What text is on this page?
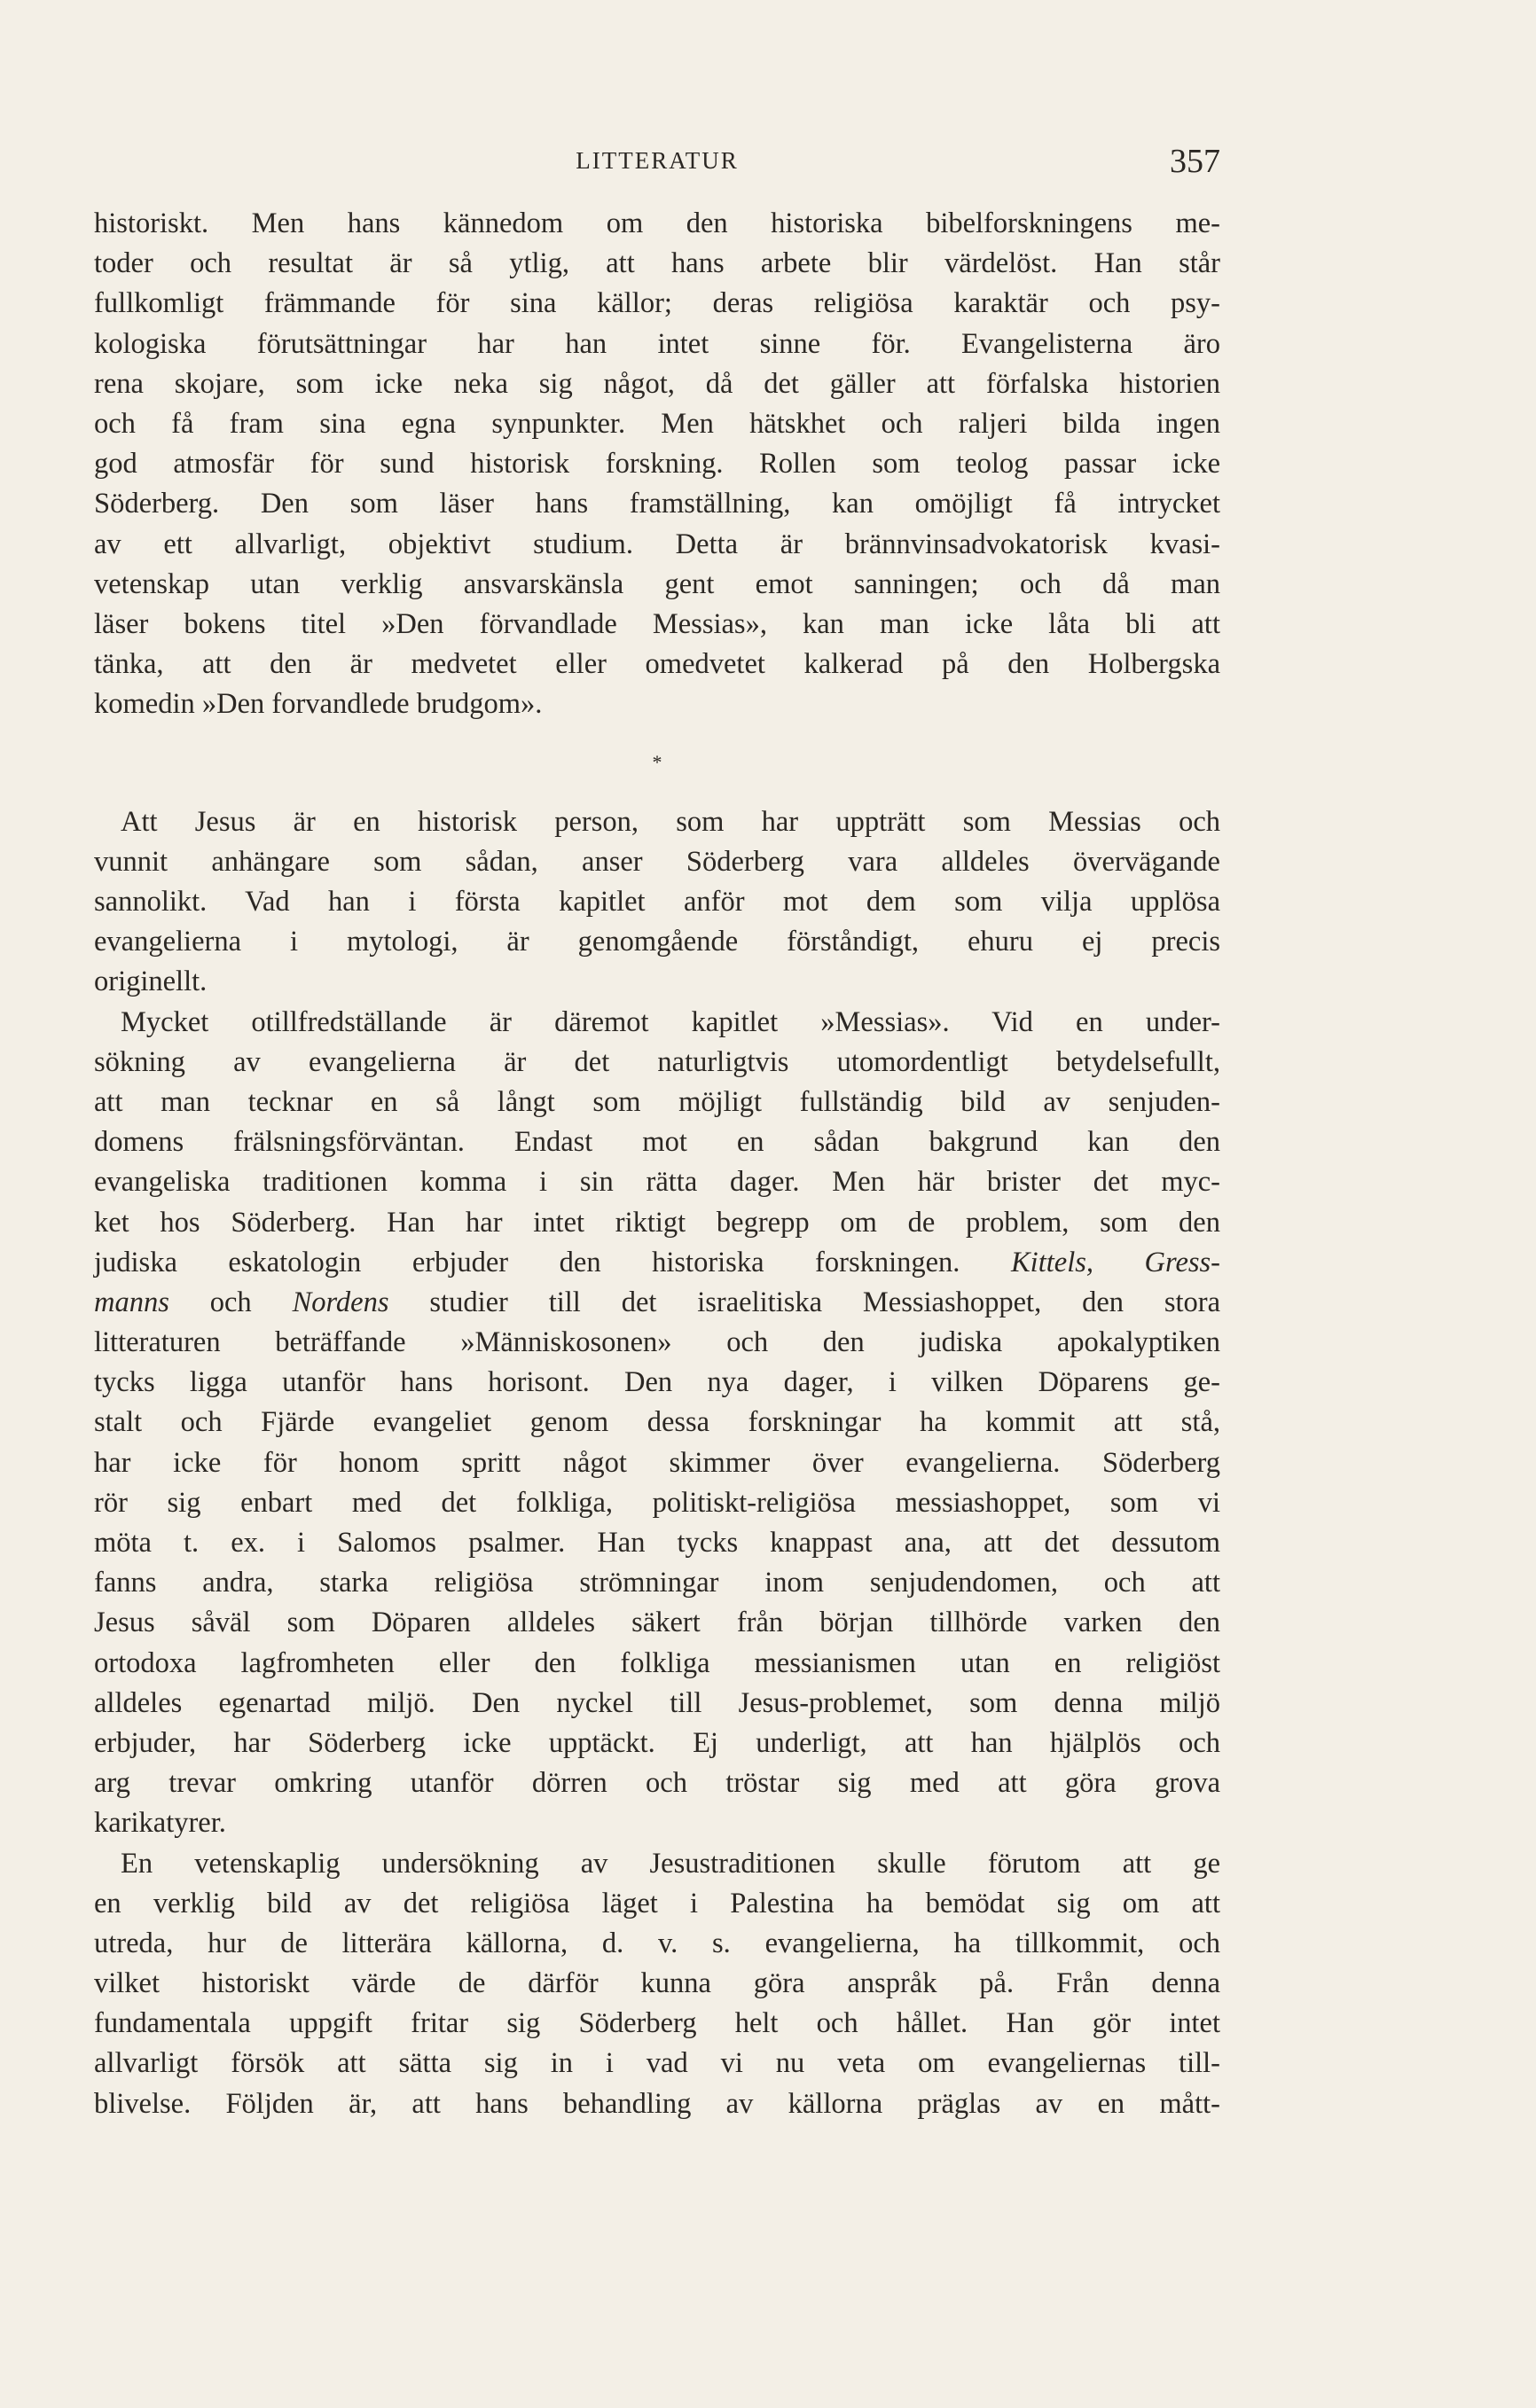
LITTERATUR	357
historiskt. Men hans kännedom om den historiska bibelforskningens me-
toder och resultat är så ytlig, att hans arbete blir värdelöst. Han står
fullkomligt främmande för sina källor; deras religiösa karaktär och psy-
kologiska förutsättningar har han intet sinne för. Evangelisterna äro
rena skojare, som icke neka sig något, då det gäller att förfalska historien
och få fram sina egna synpunkter. Men hätskhet och raljeri bilda ingen
god atmosfär för sund historisk forskning. Rollen som teolog passar icke
Söderberg. Den som läser hans framställning, kan omöjligt få intrycket
av ett allvarligt, objektivt studium. Detta är brännvinsadvokatorisk kvasi-
vetenskap utan verklig ansvarskänsla gent emot sanningen; och då man
läser bokens titel »Den förvandlade Messias», kan man icke låta bli att
tänka, att den är medvetet eller omedvetet kalkerad på den Holbergska
komedin »Den forvandlede brudgom».
*
Att Jesus är en historisk person, som har uppträtt som Messias och
vunnit anhängare som sådan, anser Söderberg vara alldeles övervägande
sannolikt. Vad han i första kapitlet anför mot dem som vilja upplösa
evangelierna i mytologi, är genomgående förståndigt, ehuru ej precis
originellt.
Mycket otillfredställande är däremot kapitlet »Messias». Vid en under-
sökning av evangelierna är det naturligtvis utomordentligt betydelsefullt,
att man tecknar en så långt som möjligt fullständig bild av senjuden-
domens frälsningsförväntan. Endast mot en sådan bakgrund kan den
evangeliska traditionen komma i sin rätta dager. Men här brister det myc-
ket hos Söderberg. Han har intet riktigt begrepp om de problem, som den
judiska eskatologin erbjuder den historiska forskningen. Kittels, Gress-
manns och Nordens studier till det israelitiska Messiashoppet, den stora
litteraturen beträffande »Människosonen» och den judiska apokalyptiken
tycks ligga utanför hans horisont. Den nya dager, i vilken Döparens ge-
stalt och Fjärde evangeliet genom dessa forskningar ha kommit att stå,
har icke för honom spritt något skimmer över evangelierna. Söderberg
rör sig enbart med det folkliga, politiskt-religiösa messiashoppet, som vi
möta t. ex. i Salomos psalmer. Han tycks knappast ana, att det dessutom
fanns andra, starka religiösa strömningar inom senjudendomen, och att
Jesus såväl som Döparen alldeles säkert från början tillhörde varken den
ortodoxa lagfromheten eller den folkliga messianismen utan en religiöst
alldeles egenartad miljö. Den nyckel till Jesus-problemet, som denna miljö
erbjuder, har Söderberg icke upptäckt. Ej underligt, att han hjälplös och
arg trevar omkring utanför dörren och tröstar sig med att göra grova
karikatyrer.
En vetenskaplig undersökning av Jesustraditionen skulle förutom att ge
en verklig bild av det religiösa läget i Palestina ha bemödat sig om att
utreda, hur de litterära källorna, d. v. s. evangelierna, ha tillkommit, och
vilket historiskt värde de därför kunna göra anspråk på. Från denna
fundamentala uppgift fritar sig Söderberg helt och hållet. Han gör intet
allvarligt försök att sätta sig in i vad vi nu veta om evangeliernas till-
blivelse. Följden är, att hans behandling av källorna präglas av en mått-
